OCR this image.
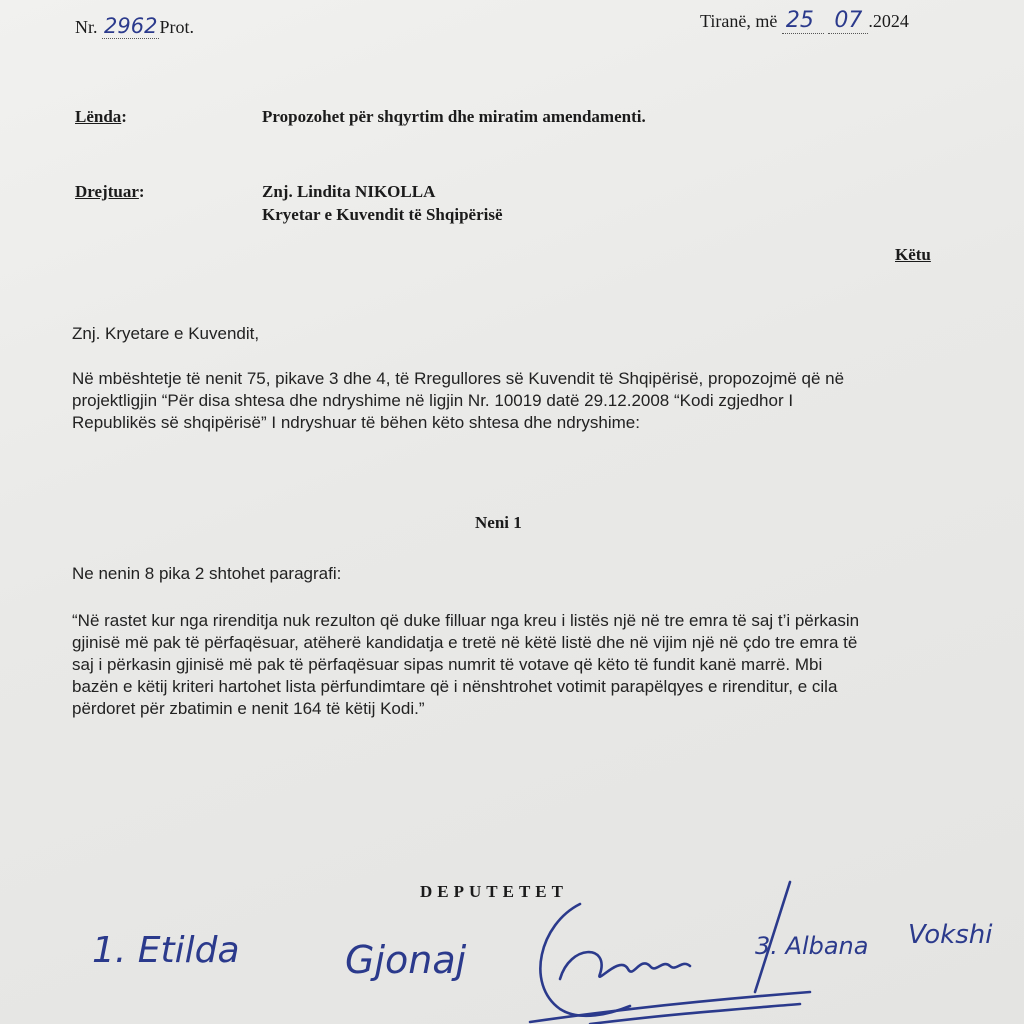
Nr. 2962 Prot.	Tiranë, më 25 07 .2024
Lënda:	Propozohet për shqyrtim dhe miratim amendamenti.
Drejtuar:	Znj. Lindita NIKOLLA
Kryetar e Kuvendit të Shqipërisë
Këtu
Znj. Kryetare e Kuvendit,
Në mbështetje të nenit 75, pikave 3 dhe 4, të Rregullores së Kuvendit të Shqipërisë, propozojmë që në
projektligjin “Për disa shtesa dhe ndryshime në ligjin Nr. 10019 datë 29.12.2008 “Kodi zgjedhor I
Republikës së shqipërisë” I ndryshuar të bëhen këto shtesa dhe ndryshime:
Neni 1
Ne nenin 8 pika 2 shtohet paragrafi:
“Në rastet kur nga rirenditja nuk rezulton që duke filluar nga kreu i listës një në tre emra të saj t’i përkasin
gjinisë më pak të përfaqësuar, atëherë kandidatja e tretë në këtë listë dhe në vijim një në çdo tre emra të
saj i përkasin gjinisë më pak të përfaqësuar sipas numrit të votave që këto të fundit kanë marrë. Mbi
bazën e këtij kriteri hartohet lista përfundimtare që i nënshtrohet votimit parapëlqyes e rirenditur, e cila
përdoret për zbatimin e nenit 164 të këtij Kodi.”
DEPUTETET
1. Etilda	Gjonaj	3. Albana Vokshi
